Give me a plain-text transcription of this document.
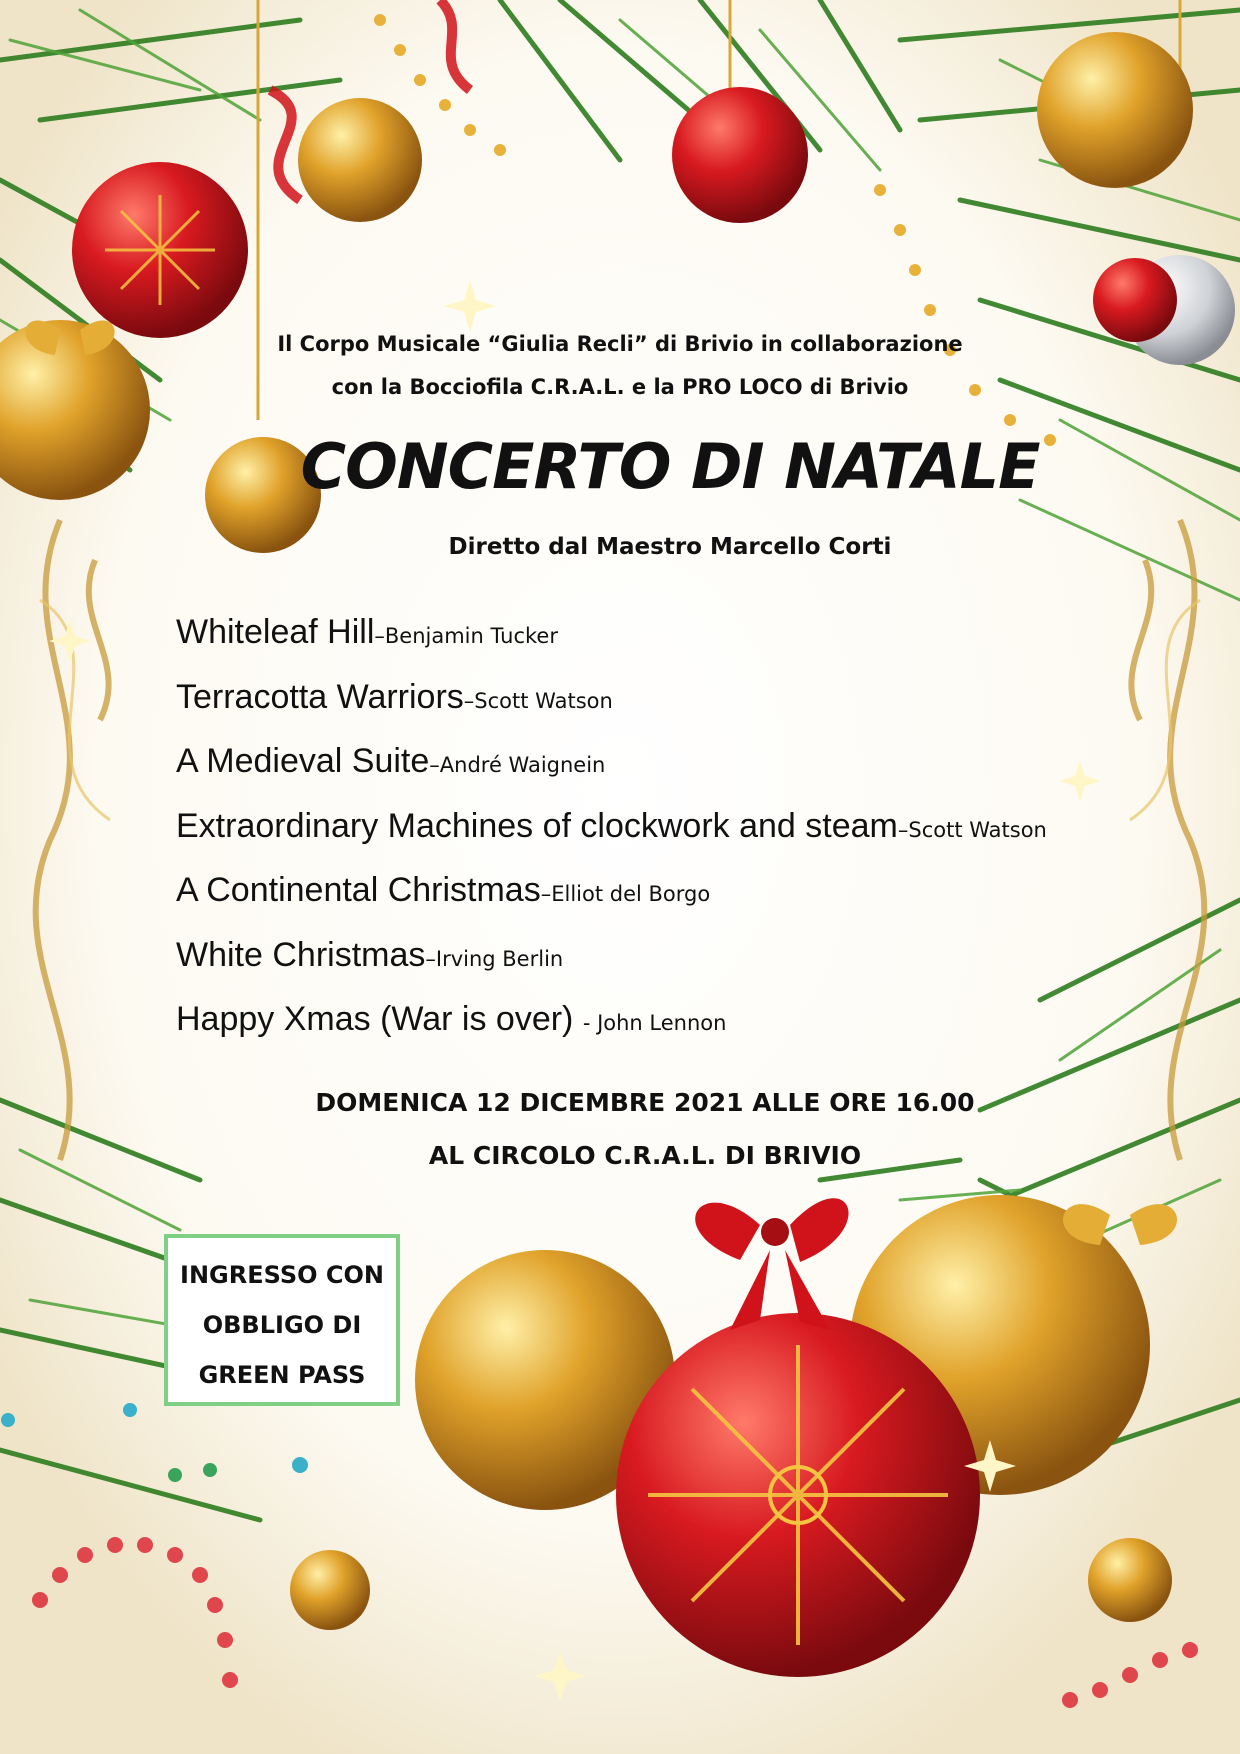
Il Corpo Musicale “Giulia Recli” di Brivio in collaborazione
con la Bocciofila C.R.A.L. e la PRO LOCO di Brivio
CONCERTO DI NATALE
Diretto dal Maestro Marcello Corti
Whiteleaf Hill–Benjamin Tucker
Terracotta Warriors–Scott Watson
A Medieval Suite–André Waignein
Extraordinary Machines of clockwork and steam–Scott Watson
A Continental Christmas–Elliot del Borgo
White Christmas–Irving Berlin
Happy Xmas (War is over) - John Lennon
DOMENICA 12 DICEMBRE 2021 ALLE ORE 16.00
AL CIRCOLO C.R.A.L. DI BRIVIO
INGRESSO CON
OBBLIGO DI
GREEN PASS
